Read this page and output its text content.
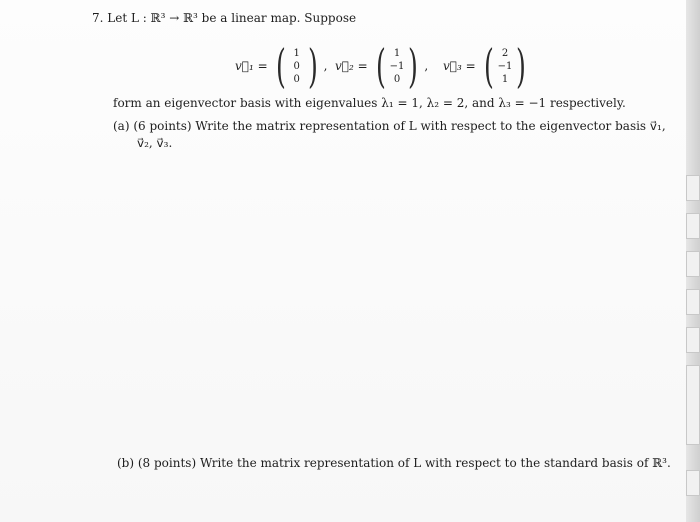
7. Let L : ℝ³ → ℝ³ be a linear map. Suppose
v⃗₁ = ( 1
0
0 ) , v⃗₂ = ( 1
−1
0 ) , v⃗₃ = ( 2
−1
1 )
form an eigenvector basis with eigenvalues λ₁ = 1, λ₂ = 2, and λ₃ = −1 respectively.
(a) (6 points) Write the matrix representation of L with respect to the eigenvector basis v⃗₁,
v⃗₂, v⃗₃.
(b) (8 points) Write the matrix representation of L with respect to the standard basis of ℝ³.
